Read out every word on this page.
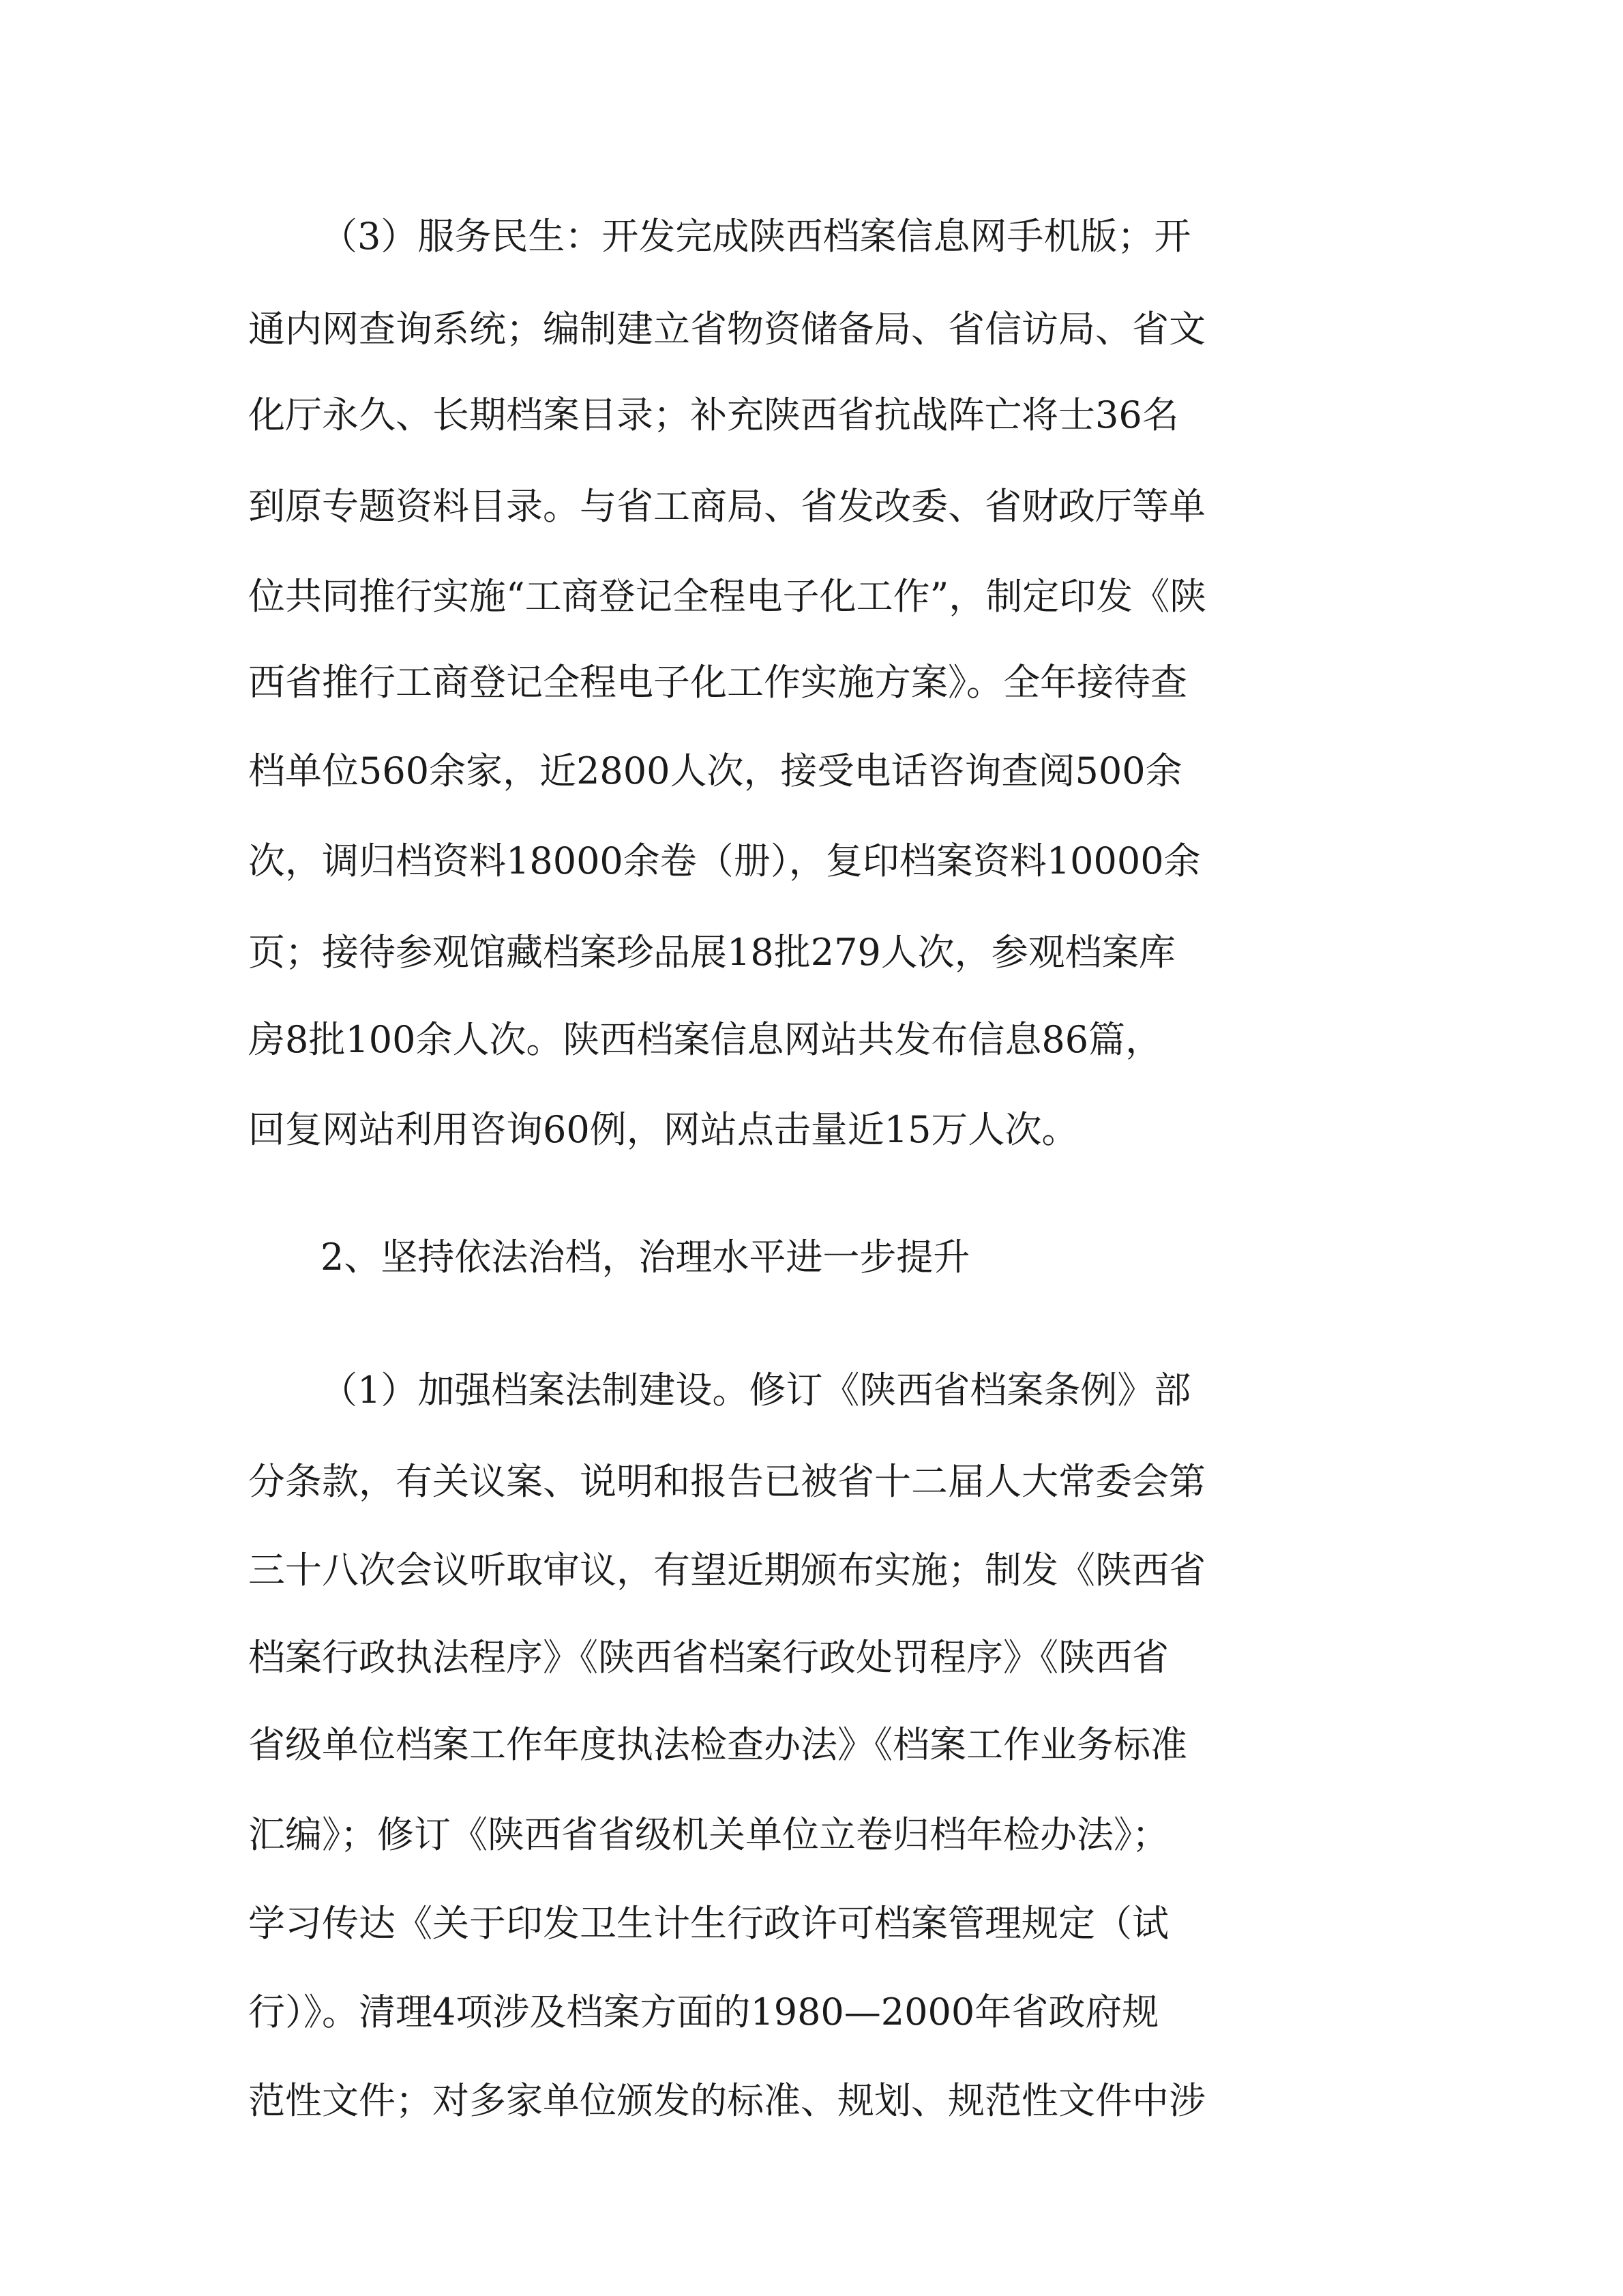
（3）服务民生：开发完成陕西档案信息网手机版；开

通内网查询系统；编制建立省物资储备局、省信访局、省文

化厅永久、长期档案目录；补充陕西省抗战阵亡将士36名

到原专题资料目录。与省工商局、省发改委、省财政厅等单

位共同推行实施“工商登记全程电子化工作”，制定印发《陕

西省推行工商登记全程电子化工作实施方案》。全年接待查

档单位560余家，近2800人次，接受电话咨询查阅500余

次，调归档资料18000余卷（册），复印档案资料10000余

页；接待参观馆藏档案珍品展18批279人次，参观档案库

房8批100余人次。陕西档案信息网站共发布信息86篇，

回复网站利用咨询60例，网站点击量近15万人次。

2、坚持依法治档，治理水平进一步提升

（1）加强档案法制建设。修订《陕西省档案条例》部

分条款，有关议案、说明和报告已被省十二届人大常委会第

三十八次会议听取审议，有望近期颁布实施；制发《陕西省

档案行政执法程序》《陕西省档案行政处罚程序》《陕西省

省级单位档案工作年度执法检查办法》《档案工作业务标准

汇编》；修订《陕西省省级机关单位立卷归档年检办法》；

学习传达《关于印发卫生计生行政许可档案管理规定（试

行）》。清理4项涉及档案方面的1980—2000年省政府规

范性文件；对多家单位颁发的标准、规划、规范性文件中涉
